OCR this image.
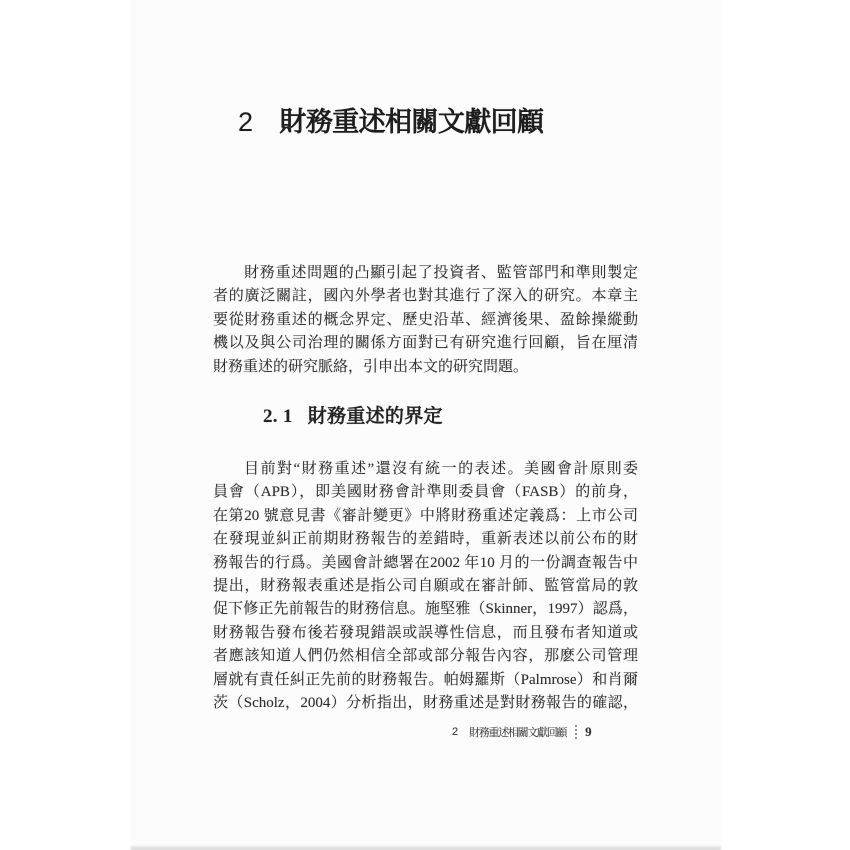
2 財務重述相關文獻回顧
財務重述問題的凸顯引起了投資者、監管部門和準則製定
者的廣泛關註，國內外學者也對其進行了深入的研究。本章主
要從財務重述的概念界定、歷史沿革、經濟後果、盈餘操縱動
機以及與公司治理的關係方面對已有研究進行回顧，旨在厘清
財務重述的研究脈絡，引申出本文的研究問題。
2. 1 財務重述的界定
目前對“財務重述”還沒有統一的表述。美國會計原則委
員會（APB），即美國財務會計準則委員會（FASB）的前身，
在第20 號意見書《審計變更》中將財務重述定義爲：上市公司
在發現並糾正前期財務報告的差錯時，重新表述以前公布的財
務報告的行爲。美國會計總署在2002 年10 月的一份調查報告中
提出，財務報表重述是指公司自願或在審計師、監管當局的敦
促下修正先前報告的財務信息。施堅雅（Skinner，1997）認爲，
財務報告發布後若發現錯誤或誤導性信息，而且發布者知道或
者應該知道人們仍然相信全部或部分報告內容，那麽公司管理
層就有責任糾正先前的財務報告。帕姆羅斯（Palmrose）和肖爾
茨（Scholz，2004）分析指出，財務重述是對財務報告的確認，
2 財務重述相關文獻回顧 9
